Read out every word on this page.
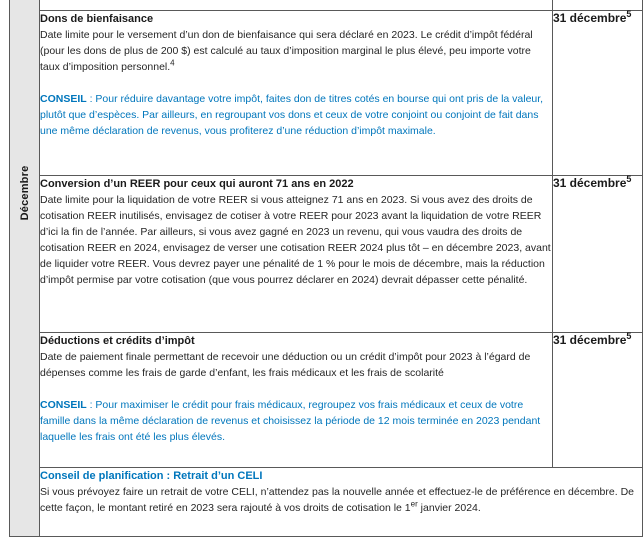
Décembre		

	Dons de bienfaisance

Date limite pour le versement d’un don de bienfaisance qui sera déclaré en 2023. Le crédit d’impôt fédéral (pour les dons de plus de 200 $) est calculé au taux d’imposition marginal le plus élevé, peu importe votre taux d’imposition personnel.$^4$

CONSEIL : Pour réduire davantage votre impôt, faites don de titres cotés en bourse qui ont pris de la valeur, plutôt que d’espèces. Par ailleurs, en regroupant vos dons et ceux de votre conjoint ou conjoint de fait dans une même déclaration de revenus, vous profiterez d’une réduction d’impôt maximale.	31 décembre$^5$

	Conversion d’un REER pour ceux qui auront 71 ans en 2022

Date limite pour la liquidation de votre REER si vous atteignez 71 ans en 2023. Si vous avez des droits de cotisation REER inutilisés, envisagez de cotiser à votre REER pour 2023 avant la liquidation de votre REER d’ici la fin de l’année. Par ailleurs, si vous avez gagné en 2023 un revenu, qui vous vaudra des droits de cotisation REER en 2024, envisagez de verser une cotisation REER 2024 plus tôt – en décembre 2023, avant de liquider votre REER. Vous devrez payer une pénalité de 1 % pour le mois de décembre, mais la réduction d’impôt permise par votre cotisation (que vous pourrez déclarer en 2024) devrait dépasser cette pénalité.	31 décembre$^5$

	Déductions et crédits d’impôt

Date de paiement finale permettant de recevoir une déduction ou un crédit d’impôt pour 2023 à l’égard de dépenses comme les frais de garde d’enfant, les frais médicaux et les frais de scolarité

CONSEIL : Pour maximiser le crédit pour frais médicaux, regroupez vos frais médicaux et ceux de votre famille dans la même déclaration de revenus et choisissez la période de 12 mois terminée en 2023 pendant laquelle les frais ont été les plus élevés.	31 décembre$^5$

	Conseil de planification : Retrait d’un CELI

Si vous prévoyez faire un retrait de votre CELI, n’attendez pas la nouvelle année et effectuez-le de préférence en décembre. De cette façon, le montant retiré en 2023 sera rajouté à vos droits de cotisation le 1er janvier 2024.	
